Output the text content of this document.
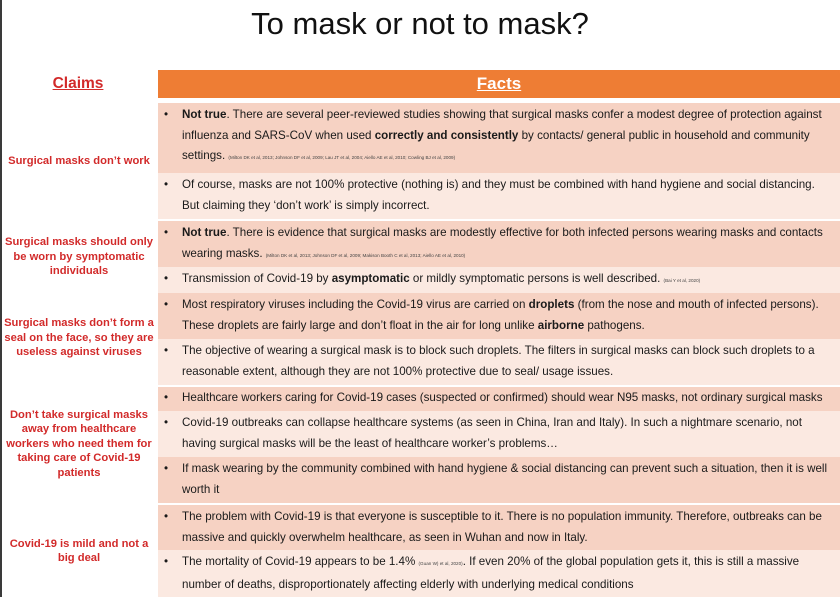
To mask or not to mask?
Claims	Facts
Surgical masks don’t work
• Not true. There are several peer-reviewed studies showing that surgical masks confer a modest degree of protection against influenza and SARS-CoV when used correctly and consistently by contacts/ general public in household and community settings. (Milton DK et al, 2013; Johnson DF et al, 2009; Lau JT et al, 2004; Aiello AE et al, 2010; Cowling BJ et al, 2009)
• Of course, masks are not 100% protective (nothing is) and they must be combined with hand hygiene and social distancing. But claiming they ‘don’t work’ is simply incorrect.
Surgical masks should only be worn by symptomatic individuals
• Not true. There is evidence that surgical masks are modestly effective for both infected persons wearing masks and contacts wearing masks. (Milton DK et al, 2013; Johnson DF et al, 2009; Makison Booth C et al, 2013; Aiello AE et al, 2010)
• Transmission of Covid-19 by asymptomatic or mildly symptomatic persons is well described. (Bai Y et al, 2020)
Surgical masks don’t form a seal on the face, so they are useless against viruses
• Most respiratory viruses including the Covid-19 virus are carried on droplets (from the nose and mouth of infected persons). These droplets are fairly large and don’t float in the air for long unlike airborne pathogens.
• The objective of wearing a surgical mask is to block such droplets. The filters in surgical masks can block such droplets to a reasonable extent, although they are not 100% protective due to seal/ usage issues.
Don’t take surgical masks away from healthcare workers who need them for taking care of Covid-19 patients
• Healthcare workers caring for Covid-19 cases (suspected or confirmed) should wear N95 masks, not ordinary surgical masks
• Covid-19 outbreaks can collapse healthcare systems (as seen in China, Iran and Italy). In such a nightmare scenario, not having surgical masks will be the least of healthcare worker’s problems…
• If mask wearing by the community combined with hand hygiene & social distancing can prevent such a situation, then it is well worth it
Covid-19 is mild and not a big deal
• The problem with Covid-19 is that everyone is susceptible to it. There is no population immunity. Therefore, outbreaks can be massive and quickly overwhelm healthcare, as seen in Wuhan and now in Italy.
• The mortality of Covid-19 appears to be 1.4% (Guan W) et al, 2020). If even 20% of the global population gets it, this is still a massive number of deaths, disproportionately affecting elderly with underlying medical conditions
